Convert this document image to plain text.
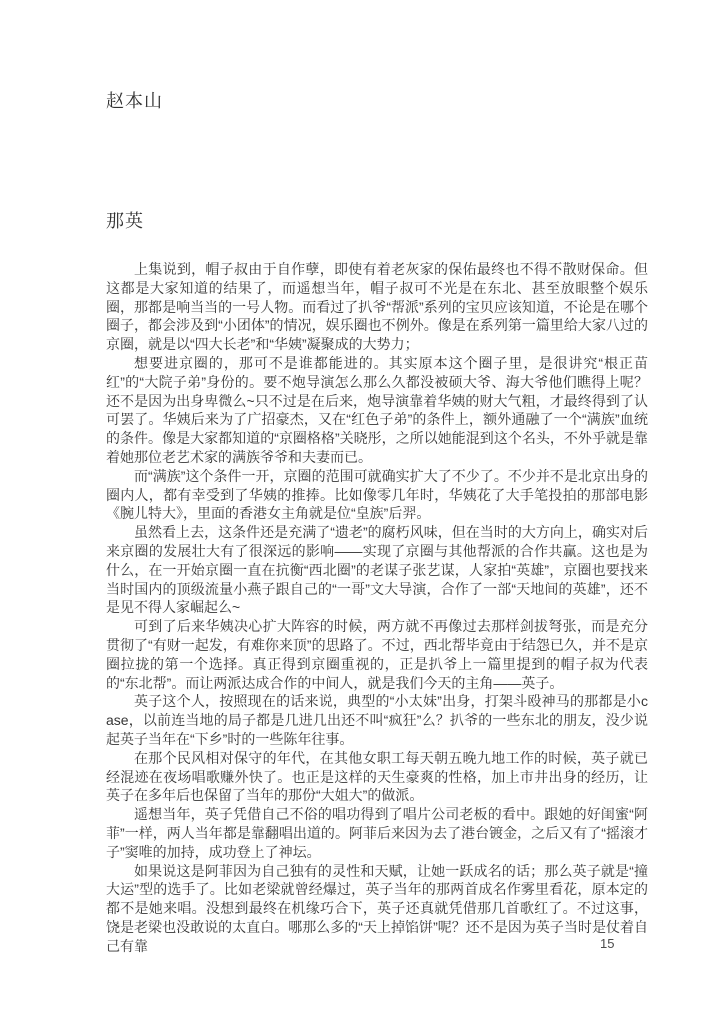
赵本山
那英

上集说到，帽子叔由于自作孽，即使有着老灰家的保佑最终也不得不散财保命。但这都是大家知道的结果了，而遥想当年，帽子叔可不光是在东北、甚至放眼整个娱乐圈，那都是响当当的一号人物。而看过了扒爷“帮派”系列的宝贝应该知道，不论是在哪个圈子，都会涉及到“小团体”的情况，娱乐圈也不例外。像是在系列第一篇里给大家八过的京圈，就是以“四大长老”和“华姨”凝聚成的大势力；

想要进京圈的，那可不是谁都能进的。其实原本这个圈子里，是很讲究“根正苗红”的“大院子弟”身份的。要不炮导演怎么那么久都没被硕大爷、海大爷他们瞧得上呢？还不是因为出身卑微么~只不过是在后来，炮导演靠着华姨的财大气粗，才最终得到了认可罢了。华姨后来为了广招豪杰，又在“红色子弟”的条件上，额外通融了一个“满族”血统的条件。像是大家都知道的“京圈格格”关晓彤，之所以她能混到这个名头，不外乎就是靠着她那位老艺术家的满族爷爷和夫妻而已。

而“满族”这个条件一开，京圈的范围可就确实扩大了不少了。不少并不是北京出身的圈内人，都有幸受到了华姨的推捧。比如像零几年时，华姨花了大手笔投拍的那部电影《腕儿特大》，里面的香港女主角就是位“皇族”后羿。

虽然看上去，这条件还是充满了“遗老”的腐朽风味，但在当时的大方向上，确实对后来京圈的发展壮大有了很深远的影响——实现了京圈与其他帮派的合作共赢。这也是为什么，在一开始京圈一直在抗衡“西北圈”的老谋子张艺谋，人家拍“英雄”，京圈也要找来当时国内的顶级流量小燕子跟自己的“一哥”文大导演，合作了一部“天地间的英雄”，还不是见不得人家崛起么~

可到了后来华姨决心扩大阵容的时候，两方就不再像过去那样剑拔弩张，而是充分贯彻了“有财一起发，有难你来顶”的思路了。不过，西北帮毕竟由于结怨已久，并不是京圈拉拢的第一个选择。真正得到京圈重视的，正是扒爷上一篇里提到的帽子叔为代表的“东北帮”。而让两派达成合作的中间人，就是我们今天的主角——英子。

英子这个人，按照现在的话来说，典型的“小太妹”出身，打架斗殴神马的那都是小case，以前连当地的局子都是几进几出还不叫“疯狂”么？扒爷的一些东北的朋友，没少说起英子当年在“下乡”时的一些陈年往事。

在那个民风相对保守的年代，在其他女职工每天朝五晚九地工作的时候，英子就已经混迹在夜场唱歌赚外快了。也正是这样的天生豪爽的性格，加上市井出身的经历，让英子在多年后也保留了当年的那份“大姐大”的做派。

遥想当年，英子凭借自己不俗的唱功得到了唱片公司老板的看中。跟她的好闺蜜“阿菲”一样，两人当年都是靠翻唱出道的。阿菲后来因为去了港台镀金，之后又有了“摇滚才子”窦唯的加持，成功登上了神坛。

如果说这是阿菲因为自己独有的灵性和天赋，让她一跃成名的话；那么英子就是“撞大运”型的选手了。比如老梁就曾经爆过，英子当年的那两首成名作雾里看花，原本定的都不是她来唱。没想到最终在机缘巧合下，英子还真就凭借那几首歌红了。不过这事，饶是老梁也没敢说的太直白。哪那么多的“天上掉馅饼”呢？还不是因为英子当时是仗着自己有靠	15
